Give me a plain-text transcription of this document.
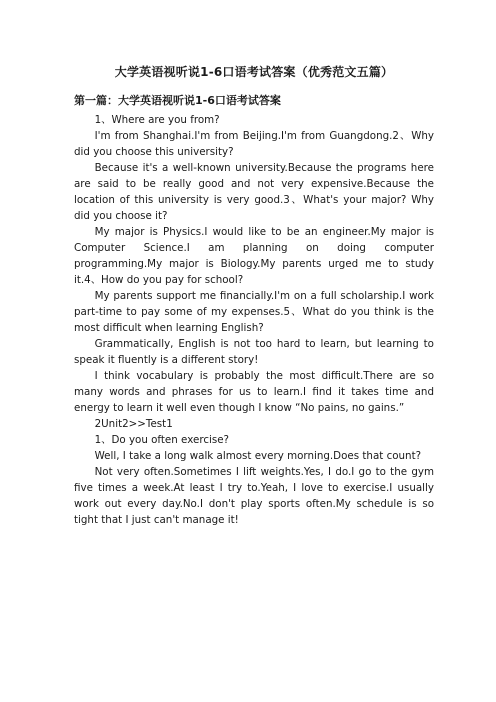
大学英语视听说1-6口语考试答案（优秀范文五篇）
第一篇：大学英语视听说1-6口语考试答案

1、Where are you from?

I'm from Shanghai.I'm from Beijing.I'm from Guangdong.2、Why did you choose this university?

Because it's a well-known university.Because the programs here are said to be really good and not very expensive.Because the location of this university is very good.3、What's your major? Why did you choose it?

My major is Physics.I would like to be an engineer.My major is Computer Science.I am planning on doing computer programming.My major is Biology.My parents urged me to study it.4、How do you pay for school?

My parents support me financially.I'm on a full scholarship.I work part-time to pay some of my expenses.5、What do you think is the most difficult when learning English?

Grammatically, English is not too hard to learn, but learning to speak it fluently is a different story!

I think vocabulary is probably the most difficult.There are so many words and phrases for us to learn.I find it takes time and energy to learn it well even though I know “No pains, no gains.”

2Unit2>>Test1

1、Do you often exercise?

Well, I take a long walk almost every morning.Does that count?

Not very often.Sometimes I lift weights.Yes, I do.I go to the gym five times a week.At least I try to.Yeah, I love to exercise.I usually work out every day.No.I don't play sports often.My schedule is so tight that I just can't manage it!
